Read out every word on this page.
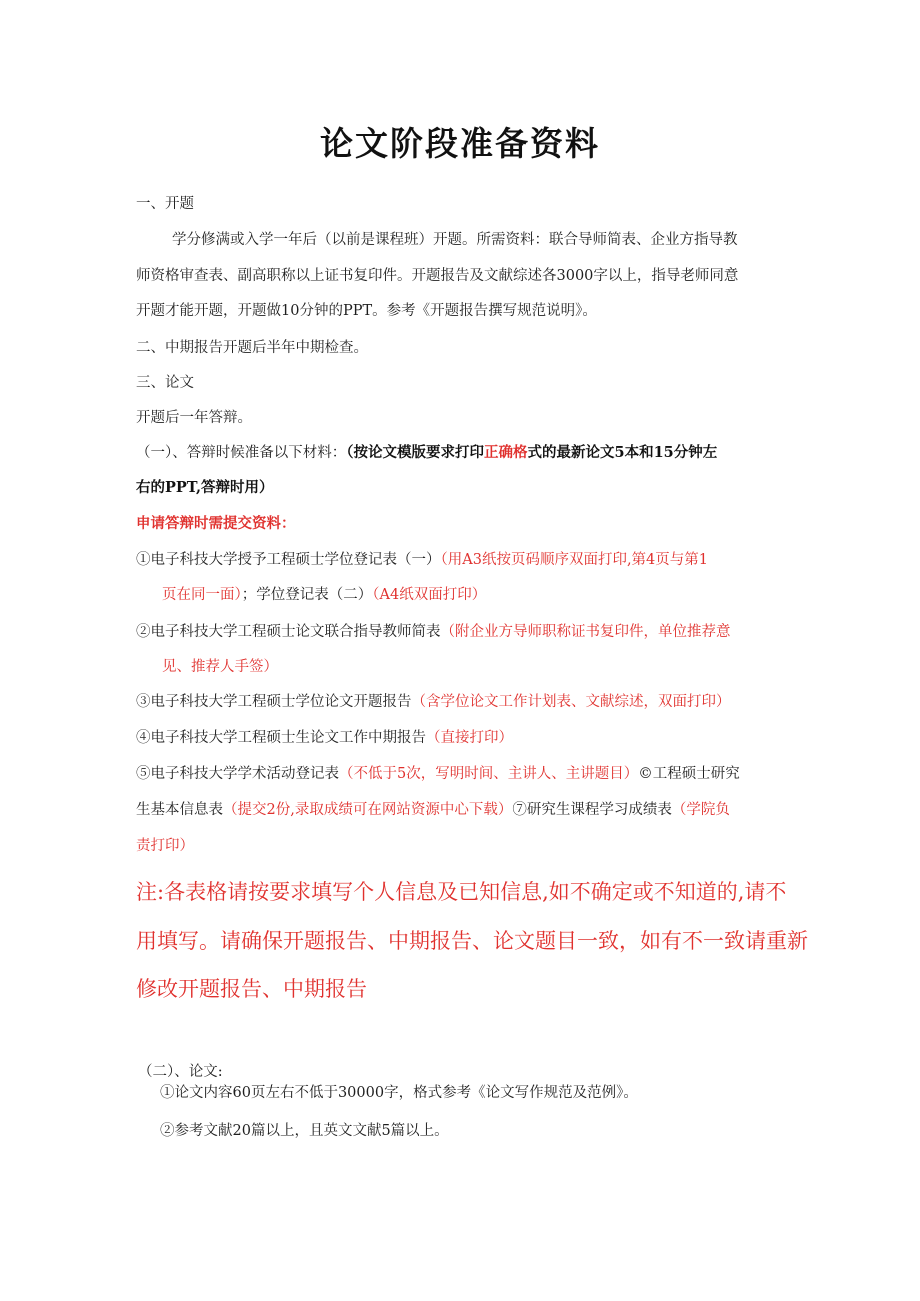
论文阶段准备资料
一、开题
学分修满或入学一年后（以前是课程班）开题。所需资料：联合导师简表、企业方指导教
师资格审查表、副高职称以上证书复印件。开题报告及文献综述各3000字以上，指导老师同意
开题才能开题，开题做10分钟的PPT。参考《开题报告撰写规范说明》。
二、中期报告开题后半年中期检查。
三、论文
开题后一年答辩。
（一）、答辩时候准备以下材料：（按论文模版要求打印正确格式的最新论文5本和15分钟左
右的PPT,答辩时用）
申请答辩时需提交资料：
①电子科技大学授予工程硕士学位登记表（一）（用A3纸按页码顺序双面打印,第4页与第1
页在同一面）；学位登记表（二）（A4纸双面打印）
②电子科技大学工程硕士论文联合指导教师简表（附企业方导师职称证书复印件，单位推荐意
见、推荐人手签）
③电子科技大学工程硕士学位论文开题报告（含学位论文工作计划表、文献综述，双面打印）
④电子科技大学工程硕士生论文工作中期报告（直接打印）
⑤电子科技大学学术活动登记表（不低于5次，写明时间、主讲人、主讲题目）©工程硕士研究
生基本信息表（提交2份,录取成绩可在网站资源中心下载）⑦研究生课程学习成绩表（学院负
责打印）
注:各表格请按要求填写个人信息及已知信息,如不确定或不知道的,请不
用填写。请确保开题报告、中期报告、论文题目一致，如有不一致请重新
修改开题报告、中期报告
（二）、论文:
①论文内容60页左右不低于30000字，格式参考《论文写作规范及范例》。
②参考文献20篇以上，且英文文献5篇以上。
